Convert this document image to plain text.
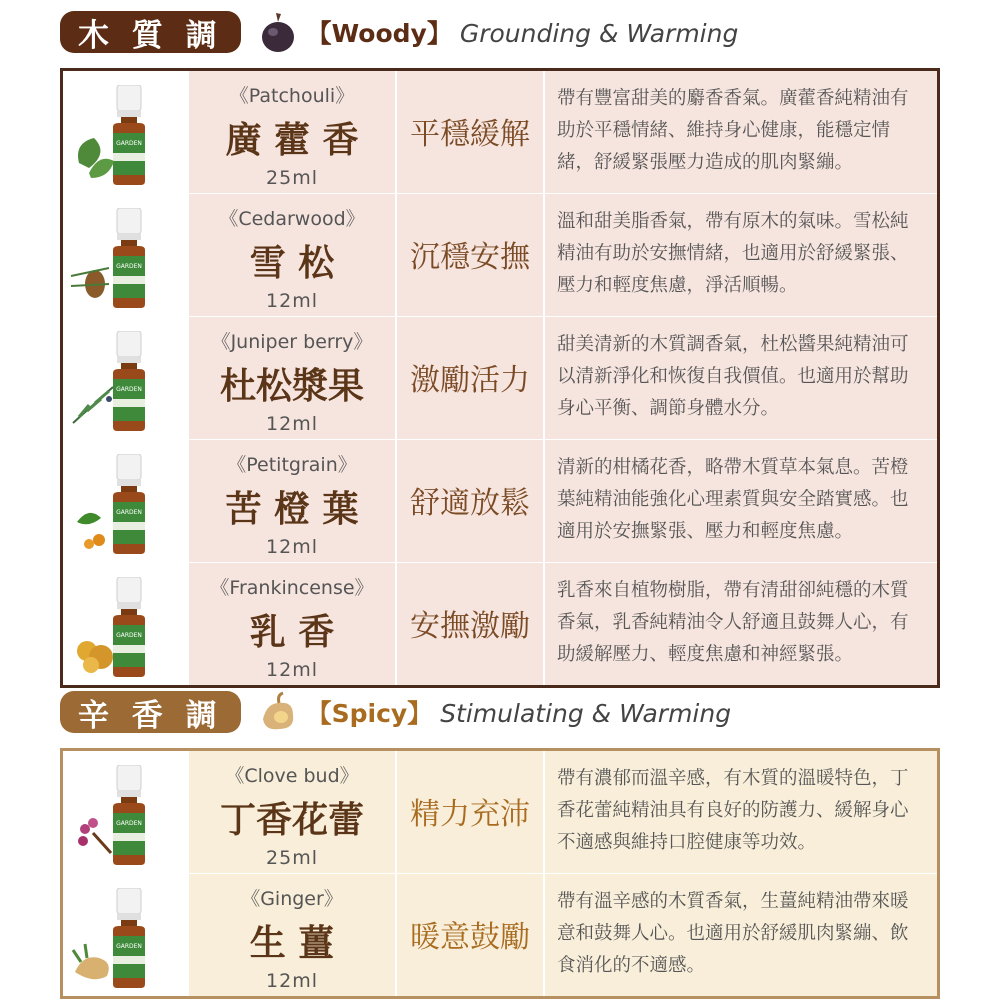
木 質 調	【Woody】 Grounding & Warming
GARDEN
《Patchouli》
廣 藿 香
25ml
平穩緩解
帶有豐富甜美的麝香香氣。廣藿香純精油有助於平穩情緒、維持身心健康，能穩定情緒，舒緩緊張壓力造成的肌肉緊繃。
GARDEN
《Cedarwood》
雪 松
12ml
沉穩安撫
溫和甜美脂香氣，帶有原木的氣味。雪松純精油有助於安撫情緒，也適用於舒緩緊張、壓力和輕度焦慮，淨活順暢。
GARDEN
《Juniper berry》
杜松漿果
12ml
激勵活力
甜美清新的木質調香氣，杜松醬果純精油可以清新淨化和恢復自我價值。也適用於幫助身心平衡、調節身體水分。
GARDEN
《Petitgrain》
苦 橙 葉
12ml
舒適放鬆
清新的柑橘花香，略帶木質草本氣息。苦橙葉純精油能強化心理素質與安全踏實感。也適用於安撫緊張、壓力和輕度焦慮。
GARDEN
《Frankincense》
乳 香
12ml
安撫激勵
乳香來自植物樹脂，帶有清甜卻純穩的木質香氣，乳香純精油令人舒適且鼓舞人心，有助緩解壓力、輕度焦慮和神經緊張。
辛 香 調	【Spicy】 Stimulating & Warming
GARDEN
《Clove bud》
丁香花蕾
25ml
精力充沛
帶有濃郁而溫辛感，有木質的溫暖特色，丁香花蕾純精油具有良好的防護力、緩解身心不適感與維持口腔健康等功效。
GARDEN
《Ginger》
生 薑
12ml
暖意鼓勵
帶有溫辛感的木質香氣，生薑純精油帶來暖意和鼓舞人心。也適用於舒緩肌肉緊繃、飲食消化的不適感。
